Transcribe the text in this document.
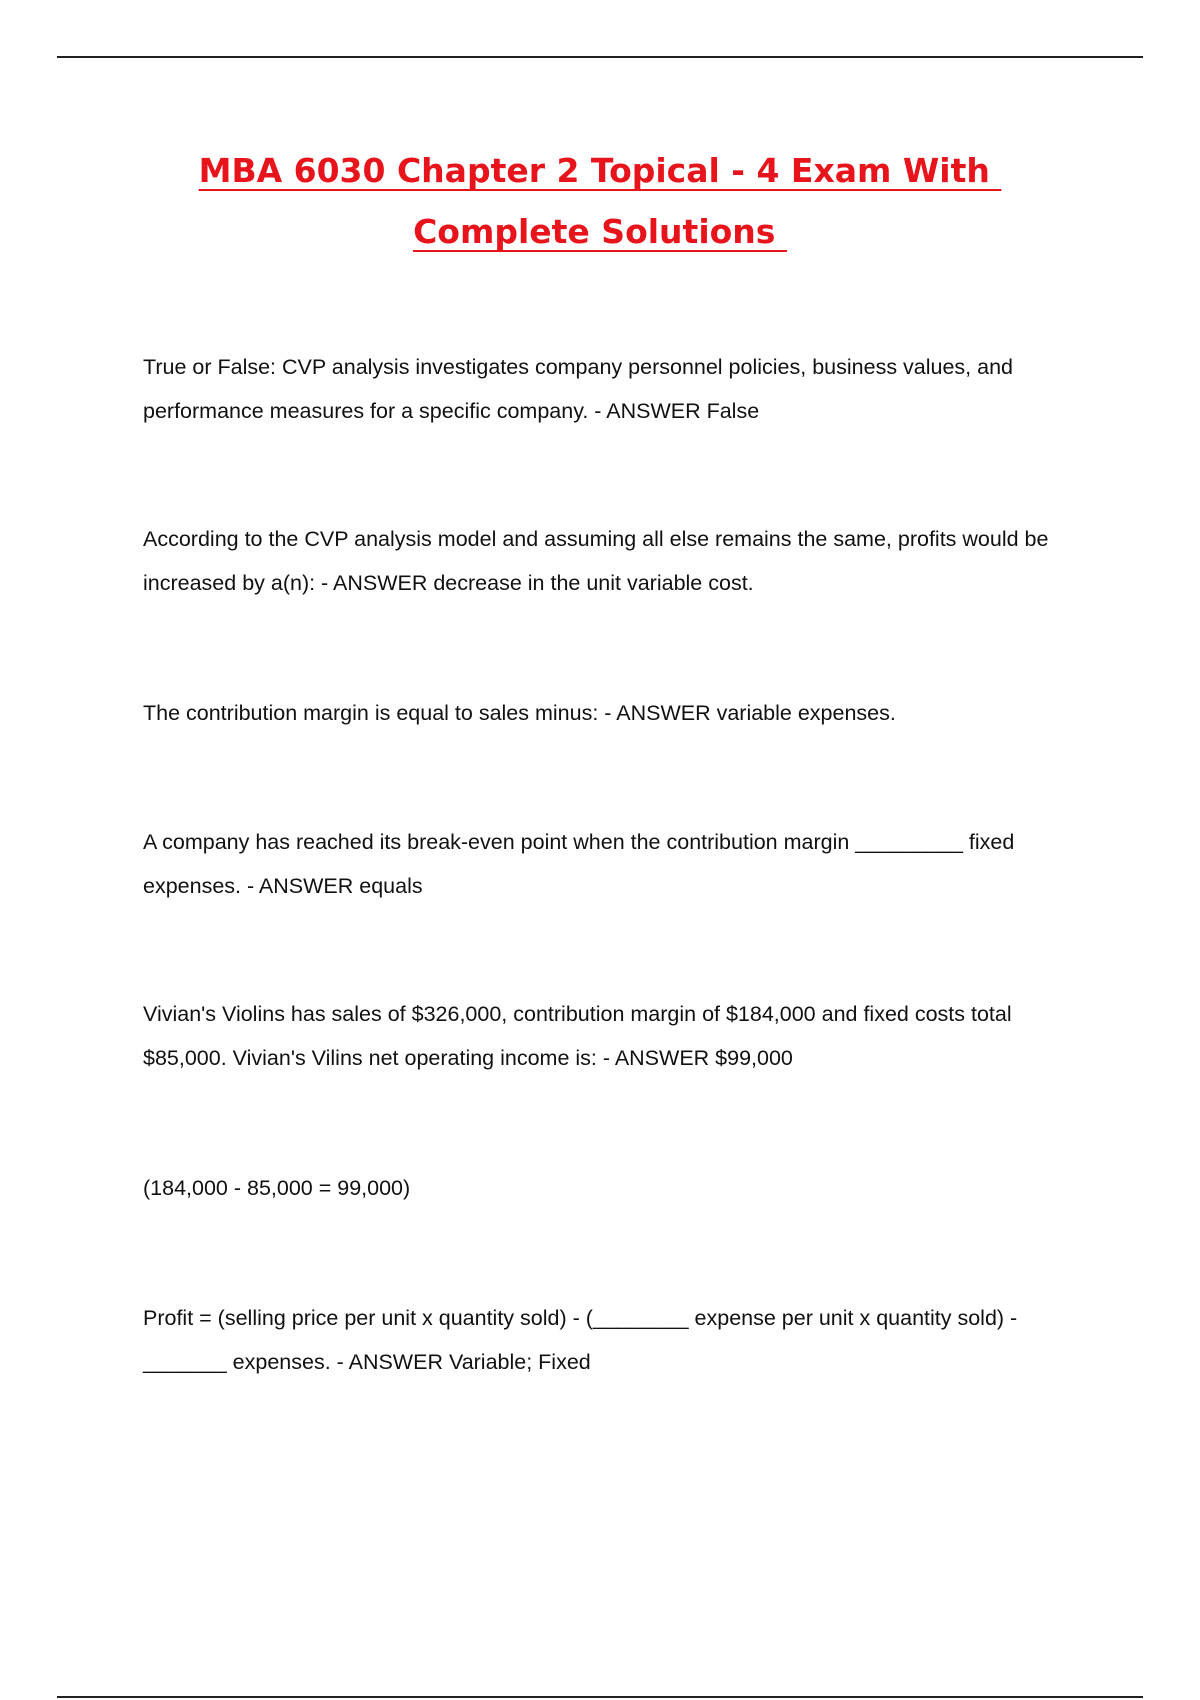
MBA 6030 Chapter 2 Topical - 4 Exam With
Complete Solutions
True or False: CVP analysis investigates company personnel policies, business values, and performance measures for a specific company. - ANSWER False
According to the CVP analysis model and assuming all else remains the same, profits would be increased by a(n): - ANSWER decrease in the unit variable cost.
The contribution margin is equal to sales minus: - ANSWER variable expenses.
A company has reached its break-even point when the contribution margin _________ fixed expenses. - ANSWER equals
Vivian's Violins has sales of $326,000, contribution margin of $184,000 and fixed costs total $85,000. Vivian's Vilins net operating income is: - ANSWER $99,000
(184,000 - 85,000 = 99,000)
Profit = (selling price per unit x quantity sold) - (________ expense per unit x quantity sold) - _______ expenses. - ANSWER Variable; Fixed
